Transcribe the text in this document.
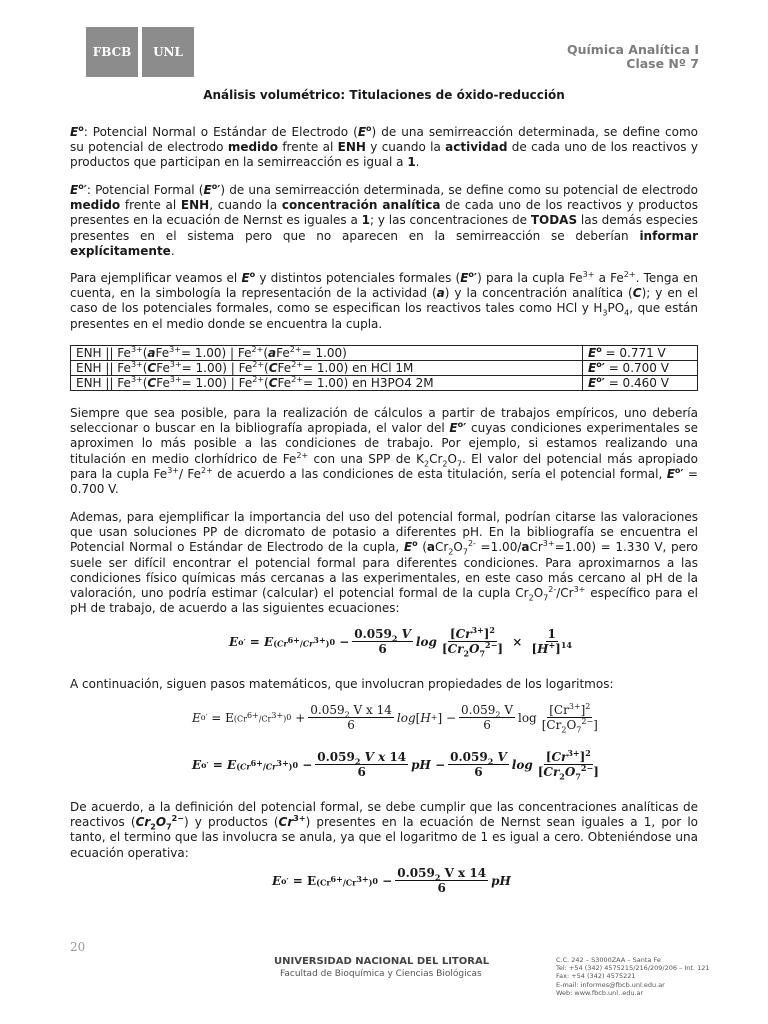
FBCB	UNL	Química Analítica I
Clase Nº 7
Análisis volumétrico: Titulaciones de óxido-reducción

$E^o$: Potencial Normal o Estándar de Electrodo $(E^o)$ de una semirreacción determinada, se define como su potencial de electrodo medido frente al ENH y cuando la actividad de cada uno de los reactivos y productos que participan en la semirreacción es igual a 1.

$E^o'$: Potencial Formal $(E^o')$ de una semirreacción determinada, se define como su potencial de electrodo medido frente al ENH, cuando la concentración analítica de cada uno de los reactivos y productos presentes en la ecuación de Nernst es iguales a 1; y las concentraciones de TODAS las demás especies presentes en el sistema pero que no aparecen en la semirreacción se deberían informar explícitamente.

Para ejemplificar veamos el $E^o$ y distintos potenciales formales $(E^o')$ para la cupla $Fe^{3+}$ a $Fe^{2+}$. Tenga en cuenta, en la simbología la representación de la actividad (a) y la concentración analítica (C); y en el caso de los potenciales formales, como se especifican los reactivos tales como HCl y $H_3PO_4$, que están presentes en el medio donde se encuentra la cupla.

ENH || $Fe^{3+}(aFe^{3+}= 1.00)$ | $Fe^{2+}(aFe^{2+}= 1.00)$	$E^o = 0.771$ V
ENH || $Fe^{3+}(CFe^{3+}= 1.00)$ | $Fe^{2+}(CFe^{2+}= 1.00)$ en HCl 1M	$E^o' = 0.700$ V
ENH || $Fe^{3+}(CFe^{3+}= 1.00)$ | $Fe^{2+}(CFe^{2+}= 1.00)$ en H3PO4 2M	$E^o' = 0.460$ V

Siempre que sea posible, para la realización de cálculos a partir de trabajos empíricos, uno debería seleccionar o buscar en la bibliografía apropiada, el valor del $E^o'$ cuyas condiciones experimentales se aproximen lo más posible a las condiciones de trabajo. Por ejemplo, si estamos realizando una titulación en medio clorhídrico de $Fe^{2+}$ con una SPP de $K_2Cr_2O_7$. El valor del potencial más apropiado para la cupla $Fe^{3+}/$ $Fe^{2+}$ de acuerdo a las condiciones de esta titulación, sería el potencial formal, $E^o' = 0.700$ V.

Ademas, para ejemplificar la importancia del uso del potencial formal, podrían citarse las valoraciones que usan soluciones PP de dicromato de potasio a diferentes pH. En la bibliografía se encuentra el Potencial Normal o Estándar de Electrodo de la cupla, $E^o$ $(aCr_2O_7^{2-} =1.00/aCr^{3+}=1.00) = 1.330$ V, pero suele ser difícil encontrar el potencial formal para diferentes condiciones. Para aproximarnos a las condiciones físico químicas más cercanas a las experimentales, en este caso más cercano al pH de la valoración, uno podría estimar (calcular) el potencial formal de la cupla $Cr_2O_7^{2-}/Cr^{3+}$ específico para el pH de trabajo, de acuerdo a las siguientes ecuaciones:

E o′ = E $(Cr^{6+}/Cr^{3+}) 0 - \frac{0.059_2 V}{6}$ $\log \frac{[Cr^{3+}]^2}{[Cr_2O_7^{2-}]} \times \frac{1}{[H^+]^{14}}$

A continuación, siguen pasos matemáticos, que involucran propiedades de los logaritmos:

E o′ = E $(Cr^{6+}/Cr^{3+}) 0 + \frac{0.059_2 V x 14}{6}$ log [ H + ] − $\frac{0.059_2 V}{6}$ $\log \frac{[Cr^{3+}]^2}{[Cr_2O_7^{2-}]}$
E o′ = E $(Cr^{6+}/Cr^{3+}) 0 - \frac{0.059_2 V x 14}{6}$ pH − $\frac{0.059_2 V}{6}$ $\log \frac{[Cr^{3+}]^2}{[Cr_2O_7^{2-}]}$

De acuerdo, a la definición del potencial formal, se debe cumplir que las concentraciones analíticas de reactivos $(Cr_2O_7^{2-})$ y productos $(Cr^{3+})$ presentes en la ecuación de Nernst sean iguales a 1, por lo tanto, el termino que las involucra se anula, ya que el logaritmo de 1 es igual a cero. Obteniéndose una ecuación operativa:

E o′ = E $(Cr^{6+}/Cr^{3+}) 0 - \frac{0.059_2 V x 14}{6}$ pH
20
UNIVERSIDAD NACIONAL DEL LITORAL
Facultad de Bioquímica y Ciencias Biológicas
C.C. 242 – S3000ZAA – Santa Fe
Tel: +54 (342) 4575215/216/209/206 – Int. 121
Fax: +54 (342) 4575221
E-mail: informes@fbcb.unl.edu.ar
Web: www.fbcb.unl..edu.ar
